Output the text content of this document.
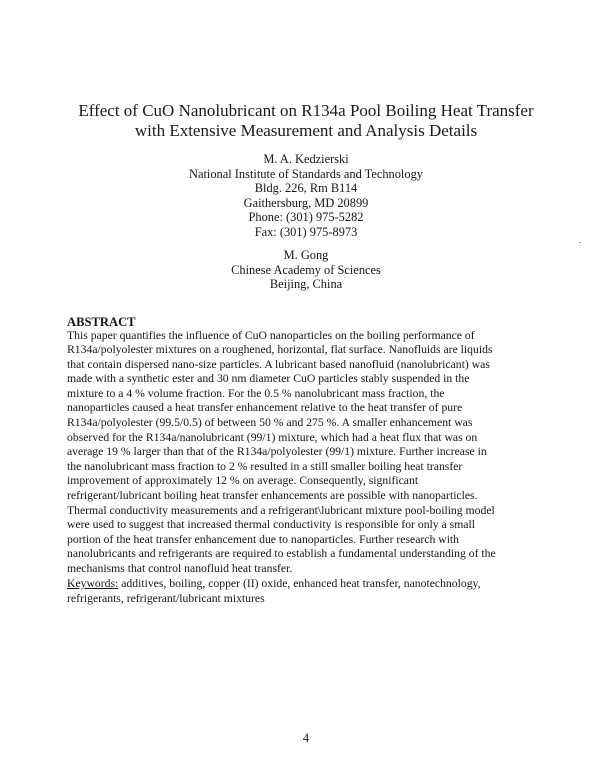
Effect of CuO Nanolubricant on R134a Pool Boiling Heat Transfer
with Extensive Measurement and Analysis Details
M. A. Kedzierski
National Institute of Standards and Technology
Bldg. 226, Rm B114
Gaithersburg, MD 20899
Phone: (301) 975-5282
Fax: (301) 975-8973
M. Gong
Chinese Academy of Sciences
Beijing, China
ABSTRACT
This paper quantifies the influence of CuO nanoparticles on the boiling performance of
R134a/polyolester mixtures on a roughened, horizontal, flat surface. Nanofluids are liquids
that contain dispersed nano-size particles. A lubricant based nanofluid (nanolubricant) was
made with a synthetic ester and 30 nm diameter CuO particles stably suspended in the
mixture to a 4 % volume fraction. For the 0.5 % nanolubricant mass fraction, the
nanoparticles caused a heat transfer enhancement relative to the heat transfer of pure
R134a/polyolester (99.5/0.5) of between 50 % and 275 %. A smaller enhancement was
observed for the R134a/nanolubricant (99/1) mixture, which had a heat flux that was on
average 19 % larger than that of the R134a/polyolester (99/1) mixture. Further increase in
the nanolubricant mass fraction to 2 % resulted in a still smaller boiling heat transfer
improvement of approximately 12 % on average. Consequently, significant
refrigerant/lubricant boiling heat transfer enhancements are possible with nanoparticles.
Thermal conductivity measurements and a refrigerant\lubricant mixture pool-boiling model
were used to suggest that increased thermal conductivity is responsible for only a small
portion of the heat transfer enhancement due to nanoparticles. Further research with
nanolubricants and refrigerants are required to establish a fundamental understanding of the
mechanisms that control nanofluid heat transfer.
Keywords: additives, boiling, copper (II) oxide, enhanced heat transfer, nanotechnology,
refrigerants, refrigerant/lubricant mixtures
4
